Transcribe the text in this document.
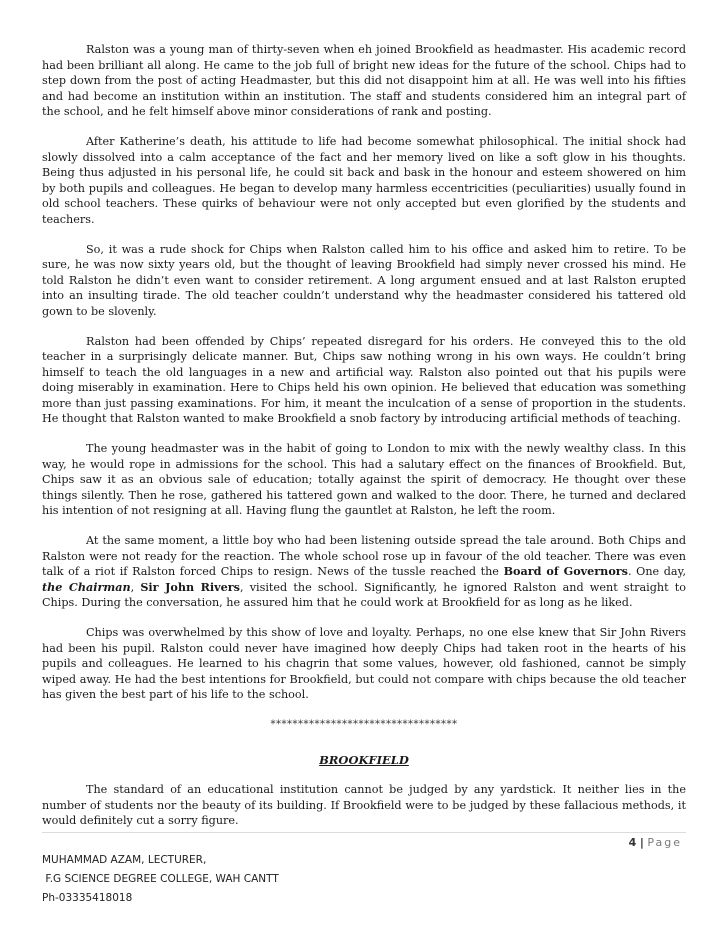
Ralston was a young man of thirty-seven when eh joined Brookfield as headmaster. His academic record had been brilliant all along. He came to the job full of bright new ideas for the future of the school. Chips had to step down from the post of acting Headmaster, but this did not disappoint him at all. He was well into his fifties and had become an institution within an institution. The staff and students considered him an integral part of the school, and he felt himself above minor considerations of rank and posting.

After Katherine’s death, his attitude to life had become somewhat philosophical. The initial shock had slowly dissolved into a calm acceptance of the fact and her memory lived on like a soft glow in his thoughts. Being thus adjusted in his personal life, he could sit back and bask in the honour and esteem showered on him by both pupils and colleagues. He began to develop many harmless eccentricities (peculiarities) usually found in old school teachers. These quirks of behaviour were not only accepted but even glorified by the students and teachers.

So, it was a rude shock for Chips when Ralston called him to his office and asked him to retire. To be sure, he was now sixty years old, but the thought of leaving Brookfield had simply never crossed his mind. He told Ralston he didn’t even want to consider retirement. A long argument ensued and at last Ralston erupted into an insulting tirade. The old teacher couldn’t understand why the headmaster considered his tattered old gown to be slovenly.

Ralston had been offended by Chips’ repeated disregard for his orders. He conveyed this to the old teacher in a surprisingly delicate manner. But, Chips saw nothing wrong in his own ways. He couldn’t bring himself to teach the old languages in a new and artificial way. Ralston also pointed out that his pupils were doing miserably in examination. Here to Chips held his own opinion. He believed that education was something more than just passing examinations. For him, it meant the inculcation of a sense of proportion in the students. He thought that Ralston wanted to make Brookfield a snob factory by introducing artificial methods of teaching.

The young headmaster was in the habit of going to London to mix with the newly wealthy class. In this way, he would rope in admissions for the school. This had a salutary effect on the finances of Brookfield. But, Chips saw it as an obvious sale of education; totally against the spirit of democracy. He thought over these things silently. Then he rose, gathered his tattered gown and walked to the door. There, he turned and declared his intention of not resigning at all. Having flung the gauntlet at Ralston, he left the room.

At the same moment, a little boy who had been listening outside spread the tale around. Both Chips and Ralston were not ready for the reaction. The whole school rose up in favour of the old teacher. There was even talk of a riot if Ralston forced Chips to resign. News of the tussle reached the Board of Governors. One day, the Chairman, Sir John Rivers, visited the school. Significantly, he ignored Ralston and went straight to Chips. During the conversation, he assured him that he could work at Brookfield for as long as he liked.

Chips was overwhelmed by this show of love and loyalty. Perhaps, no one else knew that Sir John Rivers had been his pupil. Ralston could never have imagined how deeply Chips had taken root in the hearts of his pupils and colleagues. He learned to his chagrin that some values, however, old fashioned, cannot be simply wiped away. He had the best intentions for Brookfield, but could not compare with chips because the old teacher has given the best part of his life to the school.

**********************************
BROOKFIELD

The standard of an educational institution cannot be judged by any yardstick. It neither lies in the number of students nor the beauty of its building. If Brookfield were to be judged by these fallacious methods, it would definitely cut a sorry figure.

4 | Page
MUHAMMAD AZAM, LECTURER,
F.G SCIENCE DEGREE COLLEGE, WAH CANTT
Ph-03335418018
